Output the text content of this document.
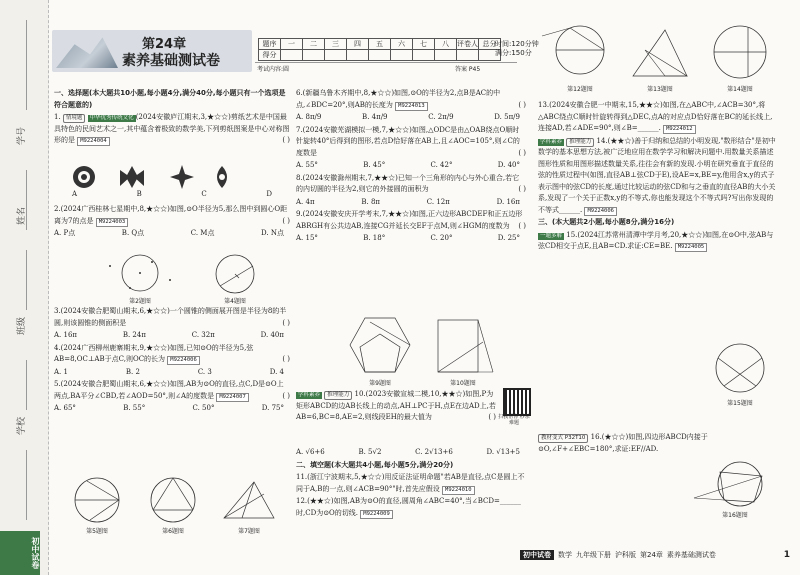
学号
姓名
班级
学校
初中试卷
第24章
素养基础测试卷
题序	一	二	三	四	五	六	七	八	评卷人	总分
得分										
时间:120分钟
满分:150分
考试内容:圆	答案 P45

一、选择题(本大题共10小题,每小题4分,满分40分,每小题只有一个选项是符合题意的)

1. 情境题 中华优秀传统文化 (2024安徽庐江期末,3,★☆☆)剪纸艺术是中国最具特色的民间艺术之一,其中蕴含着极致的数学美,下列剪纸图案是中心对称图形的是 M9224004	( )

A	B	C	D

2.(2024广西桂林七星期中,8,★☆☆)如图,⊙O半径为5,那么图中到圆心O距离为7的点是 M9224003	( )

A. P点	B. Q点	C. M点	D. N点

第2题图	第4题图

3.(2024安徽合肥蜀山期末,6,★☆☆)一个圆锥的侧面展开图是半径为8的半圆,则该圆锥的侧面积是	( )

A. 16π	B. 24π	C. 32π	D. 40π

4.(2024广西柳州鹿寨期末,9,★☆☆)如图,已知⊙O的半径为5,弦AB=8,OC⊥AB于点C,则OC的长为 M9224006	( )

A. 1	B. 2	C. 3	D. 4

5.(2024安徽合肥蜀山期末,6,★☆☆)如图,AB为⊙O的直径,点C,D是⊙O上两点,BA平分∠CBD,若∠AOD=50°,则∠A的度数是 M9224007	( )

A. 65°	B. 55°	C. 50°	D. 75°

第5题图	第6题图	第7题图

6.(新疆乌鲁木齐期中,8,★☆☆)如图,⊙O的半径为2,点B是AC的中点,∠BDC=20°,则AB的长度为 M9224013	( )

A. 8π/9	B. 4π/9	C. 2π/9	D. 5π/9

7.(2024安徽芜湖模拟一模,7,★☆☆)如图,△ODC是由△OAB绕点O顺时针旋转40°后得到的图形,若点D恰好落在AB上,且∠AOC=105°,则∠C的度数是	( )

A. 55°	B. 45°	C. 42°	D. 40°

8.(2024安徽滁州期末,7,★★☆)已知一个三角形的内心与外心重合,若它的内切圆的半径为2,则它的外接圆的面积为	( )

A. 4π	B. 8π	C. 12π	D. 16π

9.(2024安徽安庆开学考末,7,★★☆)如图,正六边形ABCDEF和正五边形ABRGH有公共边AB,连接CG并延长交EF于点M,则∠HGM的度数为 ( )

A. 15°	B. 18°	C. 20°	D. 25°

第9题图	第10题图

学科素养 推理能力 10.(2023安徽宣城二模,10,★★☆)如图,P为矩形ABCD的边AB长线上的动点,AH⊥PC于H,点E在边AD上,若AB=6,BC=8,AE=2,则线段EH的最大值为	( ) 扫我帮你 秒杀难题

A. √6+6	B. 5√2	C. 2√13+6	D. √13+5

二、填空题(本大题共4小题,每小题5分,满分20分)

11.(浙江宁波期末,5,★☆☆)用反证法证明命题"若AB是直径,点C是圆上不同于A,B的一点,则∠ACB=90°"时,首先应假设 M9224010

12.(★★☆)如图,AB为⊙O的直径,圆周角∠ABC=40°,当∠BCD=______时,CD为⊙O的切线. M9224009

第12题图	第13题图	第14题图

13.(2024安徽合肥一中期末,15,★★☆)如图,在△ABC中,∠ACB=30°,将△ABC绕点C顺时针旋转得到△DEC,点A的对应点D恰好落在BC的延长线上,连接AD,若∠ADE=90°,则∠B=______. M9224012

学科素养 推理能力 14.(★★☆)善于归纳和总结的小明发现,"数形结合"是初中数学的基本思想方法,被广泛地应用在数学学习和解决问题中.用数量关系描述图形性质和用图形描述数量关系,往往会有新的发现.小明在研究垂直于直径的弦的性质过程中(如图,直径AB⊥弦CD于E),设AE=x,BE=y,他用含x,y的式子表示图中的弦CD的长度,通过比较运动的弦CD和与之垂直的直径AB的大小关系,发现了一个关于正数x,y的不等式,你也能发现这个不等式吗?写出你发现的不等式______. M9224006

三、(本大题共2小题,每小题8分,满分16分)

一题多解 15.(2024江苏常州清潭中学月考,20,★☆☆)如图,在⊙O中,弦AB与弦CD相交于点E,且AB=CD.求证:CE=BE. M9224005

第15题图

教材变式 P32T10 16.(★☆☆)如图,四边形ABCD内接于⊙O,∠F+∠EBC=180°,求证:EF//AD.

第16题图
初中试卷	数学 九年级下册 沪科版 第24章 素养基础测试卷	1
